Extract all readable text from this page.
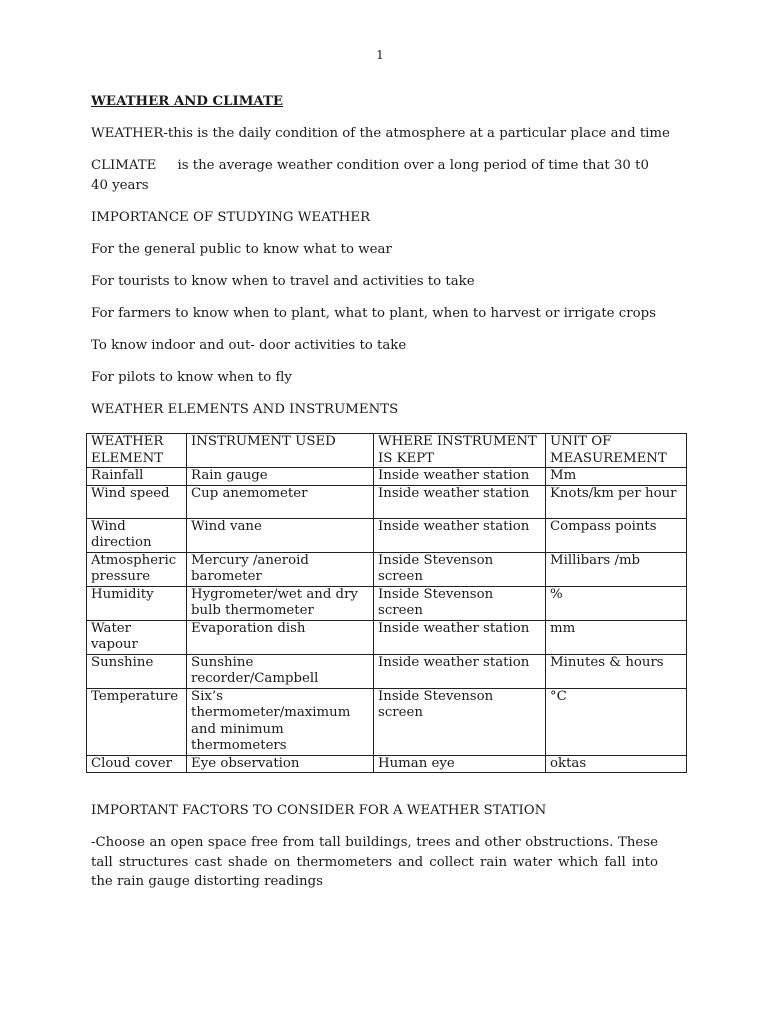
1

WEATHER AND CLIMATE

WEATHER-this is the daily condition of the atmosphere at a particular place and time

CLIMATE is the average weather condition over a long period of time that 30 t0 40 years

IMPORTANCE OF STUDYING WEATHER

For the general public to know what to wear

For tourists to know when to travel and activities to take

For farmers to know when to plant, what to plant, when to harvest or irrigate crops

To know indoor and out- door activities to take

For pilots to know when to fly

WEATHER ELEMENTS AND INSTRUMENTS

WEATHER ELEMENT	INSTRUMENT USED	WHERE INSTRUMENT IS KEPT	UNIT OF MEASUREMENT
Rainfall	Rain gauge	Inside weather station	Mm
Wind speed	Cup anemometer	Inside weather station	Knots/km per hour
Wind direction	Wind vane	Inside weather station	Compass points
Atmospheric pressure	Mercury /aneroid barometer	Inside Stevenson screen	Millibars /mb
Humidity	Hygrometer/wet and dry bulb thermometer	Inside Stevenson screen	%
Water vapour	Evaporation dish	Inside weather station	mm
Sunshine	Sunshine recorder/Campbell	Inside weather station	Minutes & hours
Temperature	Six’s thermometer/maximum and minimum thermometers	Inside Stevenson screen	°C
Cloud cover	Eye observation	Human eye	oktas

IMPORTANT FACTORS TO CONSIDER FOR A WEATHER STATION

-Choose an open space free from tall buildings, trees and other obstructions. These tall structures cast shade on thermometers and collect rain water which fall into the rain gauge distorting readings
